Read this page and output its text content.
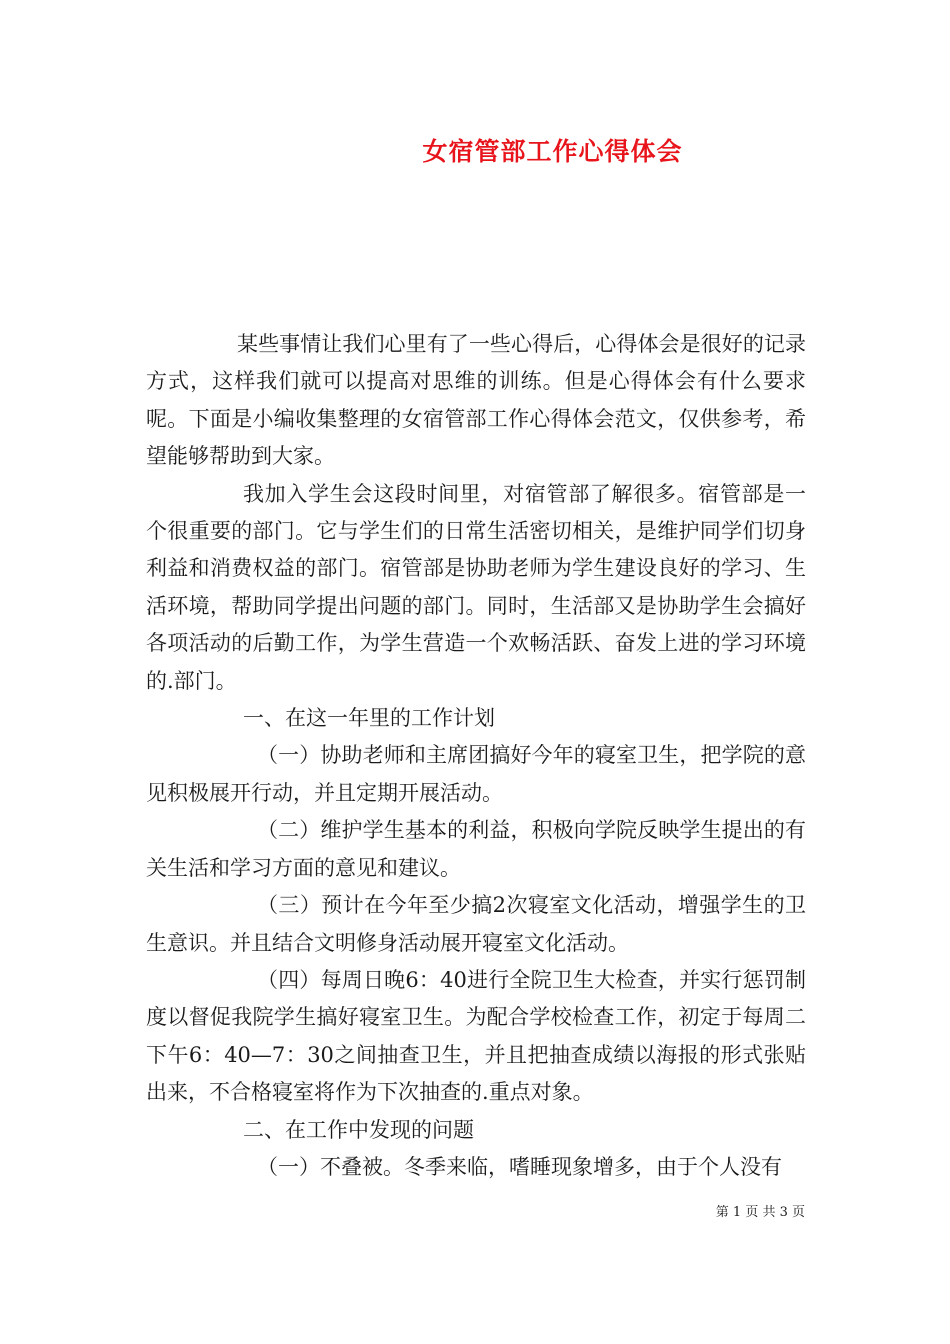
女宿管部工作心得体会

某些事情让我们心里有了一些心得后，心得体会是很好的记录方式，这样我们就可以提高对思维的训练。但是心得体会有什么要求呢。下面是小编收集整理的女宿管部工作心得体会范文，仅供参考，希望能够帮助到大家。

我加入学生会这段时间里，对宿管部了解很多。宿管部是一个很重要的部门。它与学生们的日常生活密切相关，是维护同学们切身利益和消费权益的部门。宿管部是协助老师为学生建设良好的学习、生活环境，帮助同学提出问题的部门。同时，生活部又是协助学生会搞好各项活动的后勤工作，为学生营造一个欢畅活跃、奋发上进的学习环境的.部门。

一、在这一年里的工作计划

（一）协助老师和主席团搞好今年的寝室卫生，把学院的意见积极展开行动，并且定期开展活动。

（二）维护学生基本的利益，积极向学院反映学生提出的有关生活和学习方面的意见和建议。

（三）预计在今年至少搞2次寝室文化活动，增强学生的卫生意识。并且结合文明修身活动展开寝室文化活动。

（四）每周日晚6：40进行全院卫生大检查，并实行惩罚制度以督促我院学生搞好寝室卫生。为配合学校检查工作，初定于每周二下午6：40—7：30之间抽查卫生，并且把抽查成绩以海报的形式张贴出来，不合格寝室将作为下次抽查的.重点对象。

二、在工作中发现的问题

（一）不叠被。冬季来临，嗜睡现象增多，由于个人没有

第 1 页 共 3 页
